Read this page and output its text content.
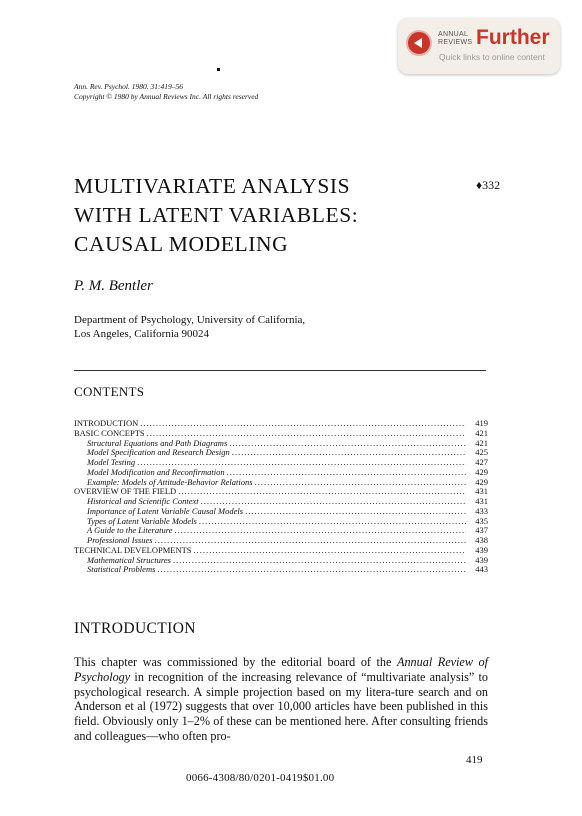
ANNUAL REVIEWS Further
Quick links to online content
Ann. Rev. Psychol. 1980. 31:419–56
Copyright © 1980 by Annual Reviews Inc. All rights reserved
MULTIVARIATE ANALYSIS
WITH LATENT VARIABLES:
CAUSAL MODELING
♦332
P. M. Bentler
Department of Psychology, University of California,
Los Angeles, California 90024
CONTENTS
INTRODUCTION .....	419
BASIC CONCEPTS .....	421
Structural Equations and Path Diagrams .....	421
Model Specification and Research Design .....	425
Model Testing .....	427
Model Modification and Reconfirmation .....	429
Example: Models of Attitude-Behavior Relations .....	429
OVERVIEW OF THE FIELD .....	431
Historical and Scientific Context .....	431
Importance of Latent Variable Causal Models .....	433
Types of Latent Variable Models .....	435
A Guide to the Literature .....	437
Professional Issues .....	438
TECHNICAL DEVELOPMENTS .....	439
Mathematical Structures .....	439
Statistical Problems .....	443
INTRODUCTION
This chapter was commissioned by the editorial board of the Annual Review of Psychology in recognition of the increasing relevance of “multivariate analysis” to psychological research. A simple projection based on my litera-ture search and on Anderson et al (1972) suggests that over 10,000 articles have been published in this field. Obviously only 1–2% of these can be mentioned here. After consulting friends and colleagues—who often pro-
419
0066-4308/80/0201-0419$01.00
